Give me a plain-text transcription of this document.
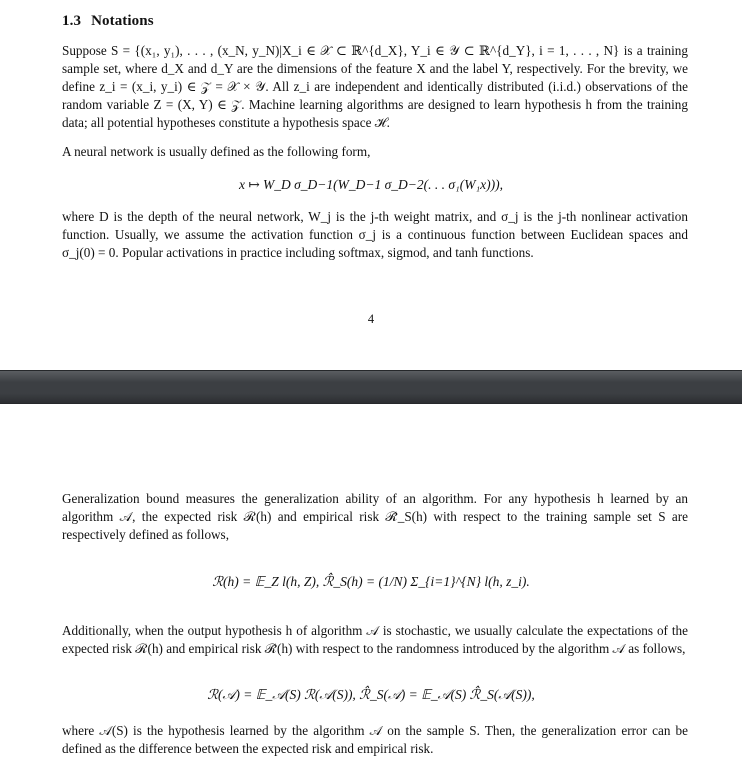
1.3 Notations

Suppose S = {(x₁, y₁), . . . , (x_N, y_N)|X_i ∈ 𝒳 ⊂ ℝ^{d_X}, Y_i ∈ 𝒴 ⊂ ℝ^{d_Y}, i = 1, . . . , N} is a training sample set, where d_X and d_Y are the dimensions of the feature X and the label Y, respectively. For the brevity, we define z_i = (x_i, y_i) ∈ 𝒵 = 𝒳 × 𝒴. All z_i are independent and identically distributed (i.i.d.) observations of the random variable Z = (X, Y) ∈ 𝒵. Machine learning algorithms are designed to learn hypothesis h from the training data; all potential hypotheses constitute a hypothesis space ℋ.

A neural network is usually defined as the following form,

x ↦ W_D σ_D−1(W_D−1 σ_D−2(. . . σ₁(W₁x))),

where D is the depth of the neural network, W_j is the j-th weight matrix, and σ_j is the j-th nonlinear activation function. Usually, we assume the activation function σ_j is a continuous function between Euclidean spaces and σ_j(0) = 0. Popular activations in practice including softmax, sigmod, and tanh functions.

4

Generalization bound measures the generalization ability of an algorithm. For any hypothesis h learned by an algorithm 𝒜, the expected risk ℛ(h) and empirical risk ℛ̂_S(h) with respect to the training sample set S are respectively defined as follows,

ℛ(h) = 𝔼_Z l(h, Z), ℛ̂_S(h) = (1/N) Σ_{i=1}^{N} l(h, z_i).

Additionally, when the output hypothesis h of algorithm 𝒜 is stochastic, we usually calculate the expectations of the expected risk ℛ(h) and empirical risk ℛ̂(h) with respect to the randomness introduced by the algorithm 𝒜 as follows,

ℛ(𝒜) = 𝔼_𝒜(S) ℛ(𝒜(S)), ℛ̂_S(𝒜) = 𝔼_𝒜(S) ℛ̂_S(𝒜(S)),

where 𝒜(S) is the hypothesis learned by the algorithm 𝒜 on the sample S. Then, the generalization error can be defined as the difference between the expected risk and empirical risk.
